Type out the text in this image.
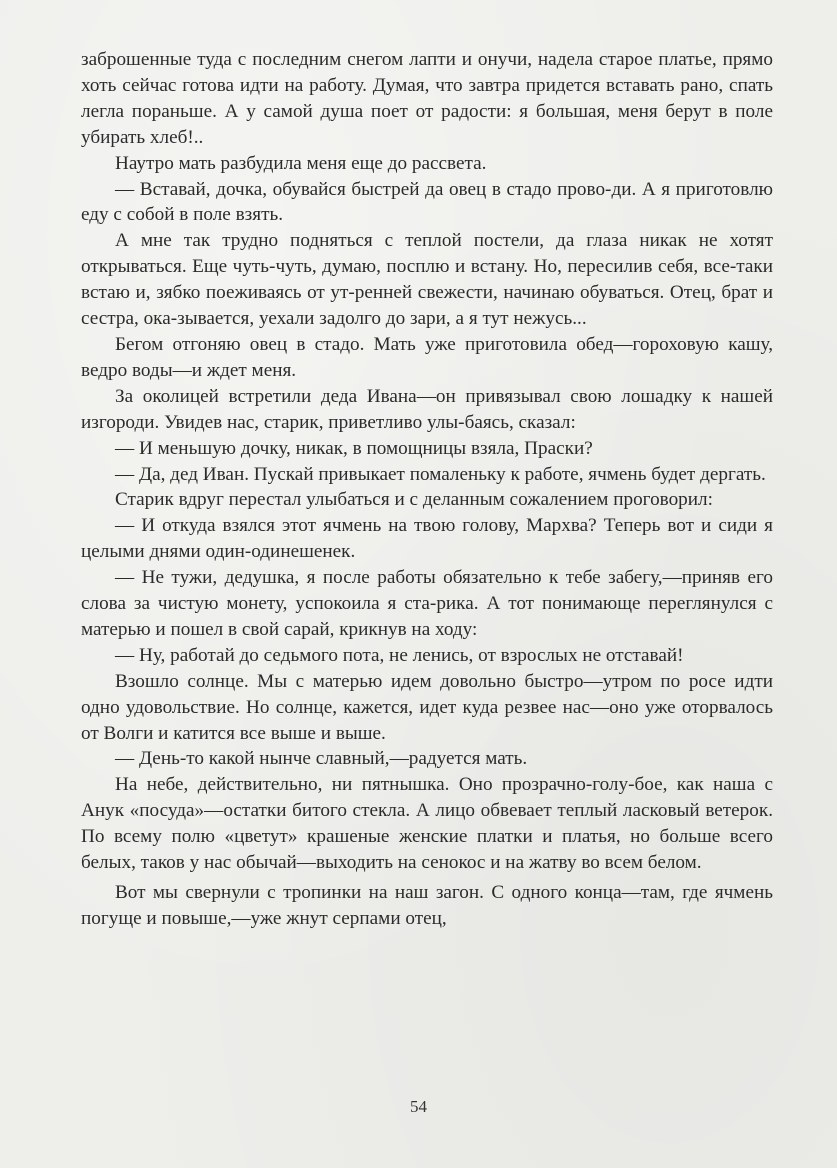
заброшенные туда с последним снегом лапти и онучи, надела старое платье, прямо хоть сейчас готова идти на работу. Думая, что завтра придется вставать рано, спать легла пораньше. А у самой душа поет от радости: я большая, меня берут в поле убирать хлеб!..

Наутро мать разбудила меня еще до рассвета.

— Вставай, дочка, обувайся быстрей да овец в стадо прово-ди. А я приготовлю еду с собой в поле взять.

А мне так трудно подняться с теплой постели, да глаза никак не хотят открываться. Еще чуть-чуть, думаю, посплю и встану. Но, пересилив себя, все-таки встаю и, зябко поеживаясь от ут-ренней свежести, начинаю обуваться. Отец, брат и сестра, ока-зывается, уехали задолго до зари, а я тут нежусь...

Бегом отгоняю овец в стадо. Мать уже приготовила обед—гороховую кашу, ведро воды—и ждет меня.

За околицей встретили деда Ивана—он привязывал свою лошадку к нашей изгороди. Увидев нас, старик, приветливо улы-баясь, сказал:

— И меньшую дочку, никак, в помощницы взяла, Праски?

— Да, дед Иван. Пускай привыкает помаленьку к работе, ячмень будет дергать.

Старик вдруг перестал улыбаться и с деланным сожалением проговорил:

— И откуда взялся этот ячмень на твою голову, Мархва? Теперь вот и сиди я целыми днями один-одинешенек.

— Не тужи, дедушка, я после работы обязательно к тебе забегу,—приняв его слова за чистую монету, успокоила я ста-рика. А тот понимающе переглянулся с матерью и пошел в свой сарай, крикнув на ходу:

— Ну, работай до седьмого пота, не ленись, от взрослых не отставай!

Взошло солнце. Мы с матерью идем довольно быстро—утром по росе идти одно удовольствие. Но солнце, кажется, идет куда резвее нас—оно уже оторвалось от Волги и катится все выше и выше.

— День-то какой нынче славный,—радуется мать.

На небе, действительно, ни пятнышка. Оно прозрачно-голу-бое, как наша с Анук «посуда»—остатки битого стекла. А лицо обвевает теплый ласковый ветерок. По всему полю «цветут» крашеные женские платки и платья, но больше всего белых, таков у нас обычай—выходить на сенокос и на жатву во всем белом.

Вот мы свернули с тропинки на наш загон. С одного конца—там, где ячмень погуще и повыше,—уже жнут серпами отец,

54
